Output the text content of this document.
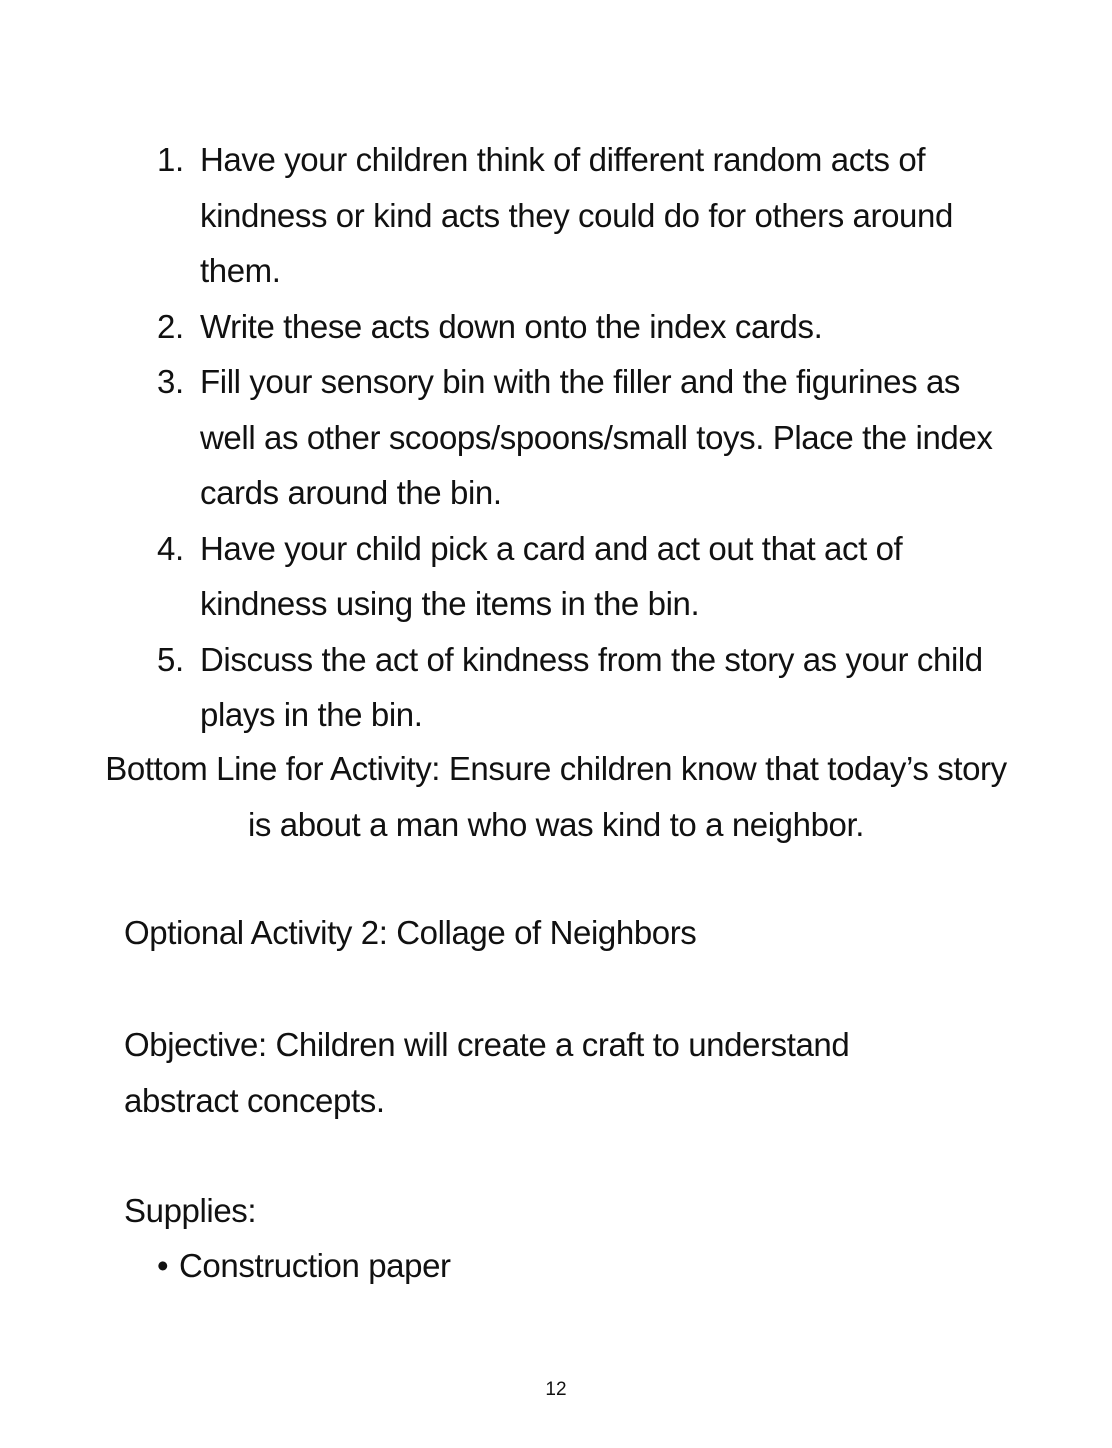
1. Have your children think of different random acts of kindness or kind acts they could do for others around them.
2. Write these acts down onto the index cards.
3. Fill your sensory bin with the filler and the figurines as well as other scoops/spoons/small toys. Place the index cards around the bin.
4. Have your child pick a card and act out that act of kindness using the items in the bin.
5. Discuss the act of kindness from the story as your child plays in the bin.
Bottom Line for Activity: Ensure children know that today’s story is about a man who was kind to a neighbor.
Optional Activity 2: Collage of Neighbors
Objective: Children will create a craft to understand abstract concepts.
Supplies:
• Construction paper
12
